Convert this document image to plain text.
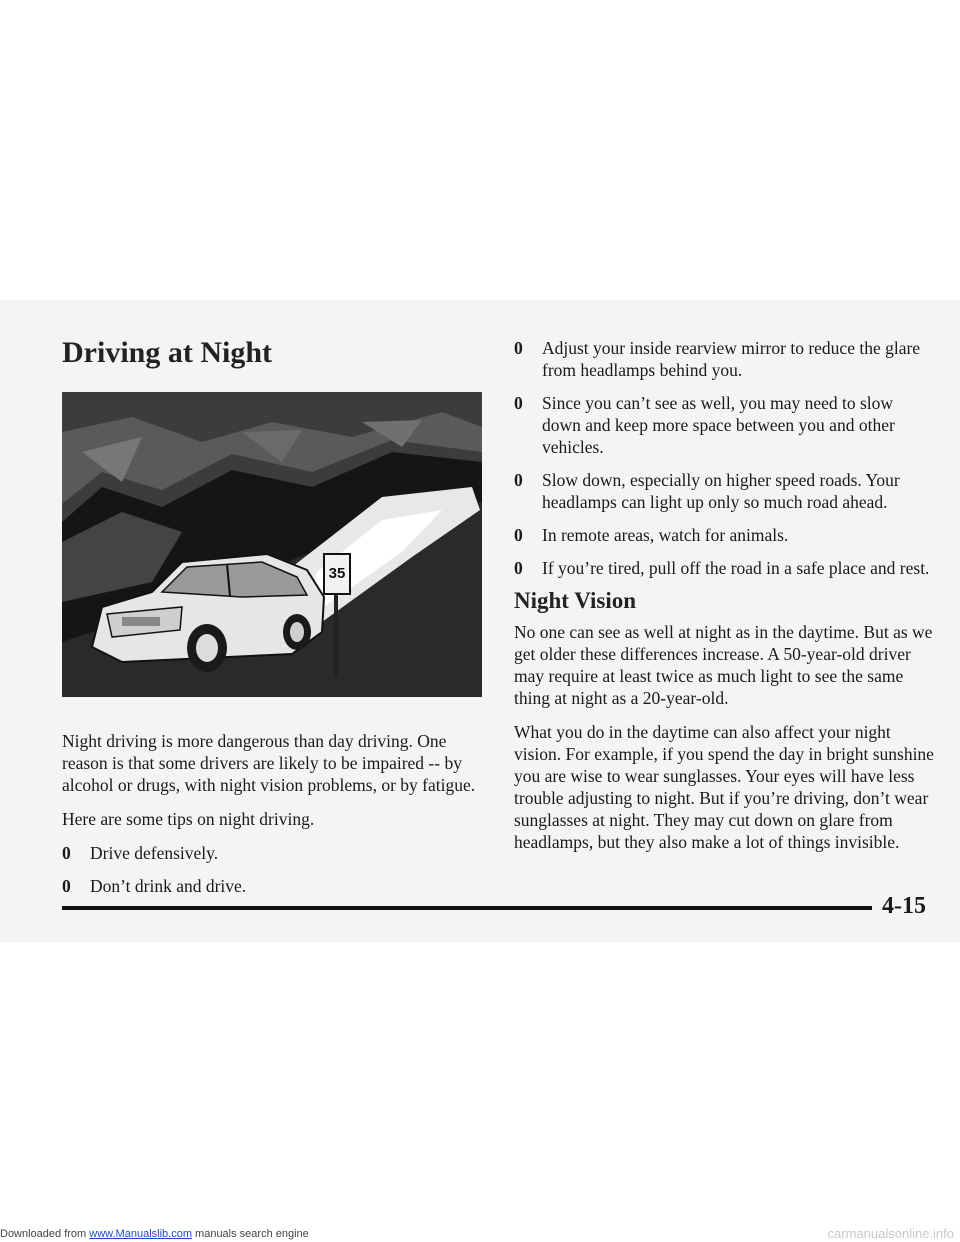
Driving at Night
35

Night driving is more dangerous than day driving. One reason is that some drivers are likely to be impaired -- by alcohol or drugs, with night vision problems, or by fatigue.

Here are some tips on night driving.

0 Drive defensively.
0 Don’t drink and drive.
0 Adjust your inside rearview mirror to reduce the glare from headlamps behind you.
0 Since you can’t see as well, you may need to slow down and keep more space between you and other vehicles.
0 Slow down, especially on higher speed roads. Your headlamps can light up only so much road ahead.
0 In remote areas, watch for animals.
0 If you’re tired, pull off the road in a safe place and rest.
Night Vision

No one can see as well at night as in the daytime. But as we get older these differences increase. A 50-year-old driver may require at least twice as much light to see the same thing at night as a 20-year-old.

What you do in the daytime can also affect your night vision. For example, if you spend the day in bright sunshine you are wise to wear sunglasses. Your eyes will have less trouble adjusting to night. But if you’re driving, don’t wear sunglasses at night. They may cut down on glare from headlamps, but they also make a lot of things invisible.

4-15
Downloaded from www.Manualslib.com manuals search engine	carmanualsonline.info
